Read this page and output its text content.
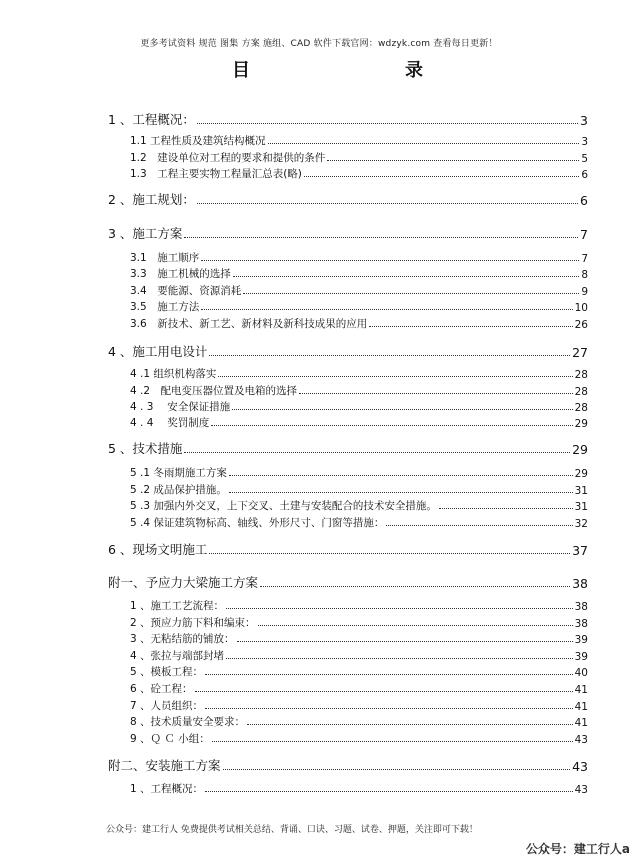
更多考试资料 规范 图集 方案 施组、CAD 软件下载官网：wdzyk.com 查看每日更新！
目	录
1 、工程概况：	3
1.1 工程性质及建筑结构概况	3
1.2　建设单位对工程的要求和提供的条件	5
1.3　工程主要实物工程量汇总表(略)	6
2 、施工规划：	6
3 、施工方案	7
3.1　施工顺序	7
3.3　施工机械的选择	8
3.4　要能源、资源消耗	9
3.5　施工方法	10
3.6　新技术、新工艺、新材料及新科技成果的应用	26
4 、施工用电设计	27
4 .1 组织机构落实	28
4 .2　配电变压器位置及电箱的选择	28
4 . 3　 安全保证措施	28
4 . 4　 奖罚制度	29
5 、技术措施	29
5 .1 冬雨期施工方案	29
5 .2 成品保护措施。	31
5 .3 加强内外交叉，上下交叉、土建与安装配合的技术安全措施。	31
5 .4 保证建筑物标高、轴线、外形尺寸、门窗等措施：	32
6 、现场文明施工	37
附一、予应力大梁施工方案	38
1 、施工工艺流程：	38
2 、预应力筋下料和编束：	38
3 、无粘结筋的铺放：	39
4 、张拉与端部封堵	39
5 、模板工程：	40
6 、砼工程：	41
7 、人员组织：	41
8 、技术质量安全要求：	41
9 、Ｑ Ｃ 小组：	43
附二、安装施工方案	43
1 、工程概况：	43
公众号：建工行人 免费提供考试相关总结、背诵、口诀、习题、试卷、押题，关注即可下载！
公众号：建工行人a
